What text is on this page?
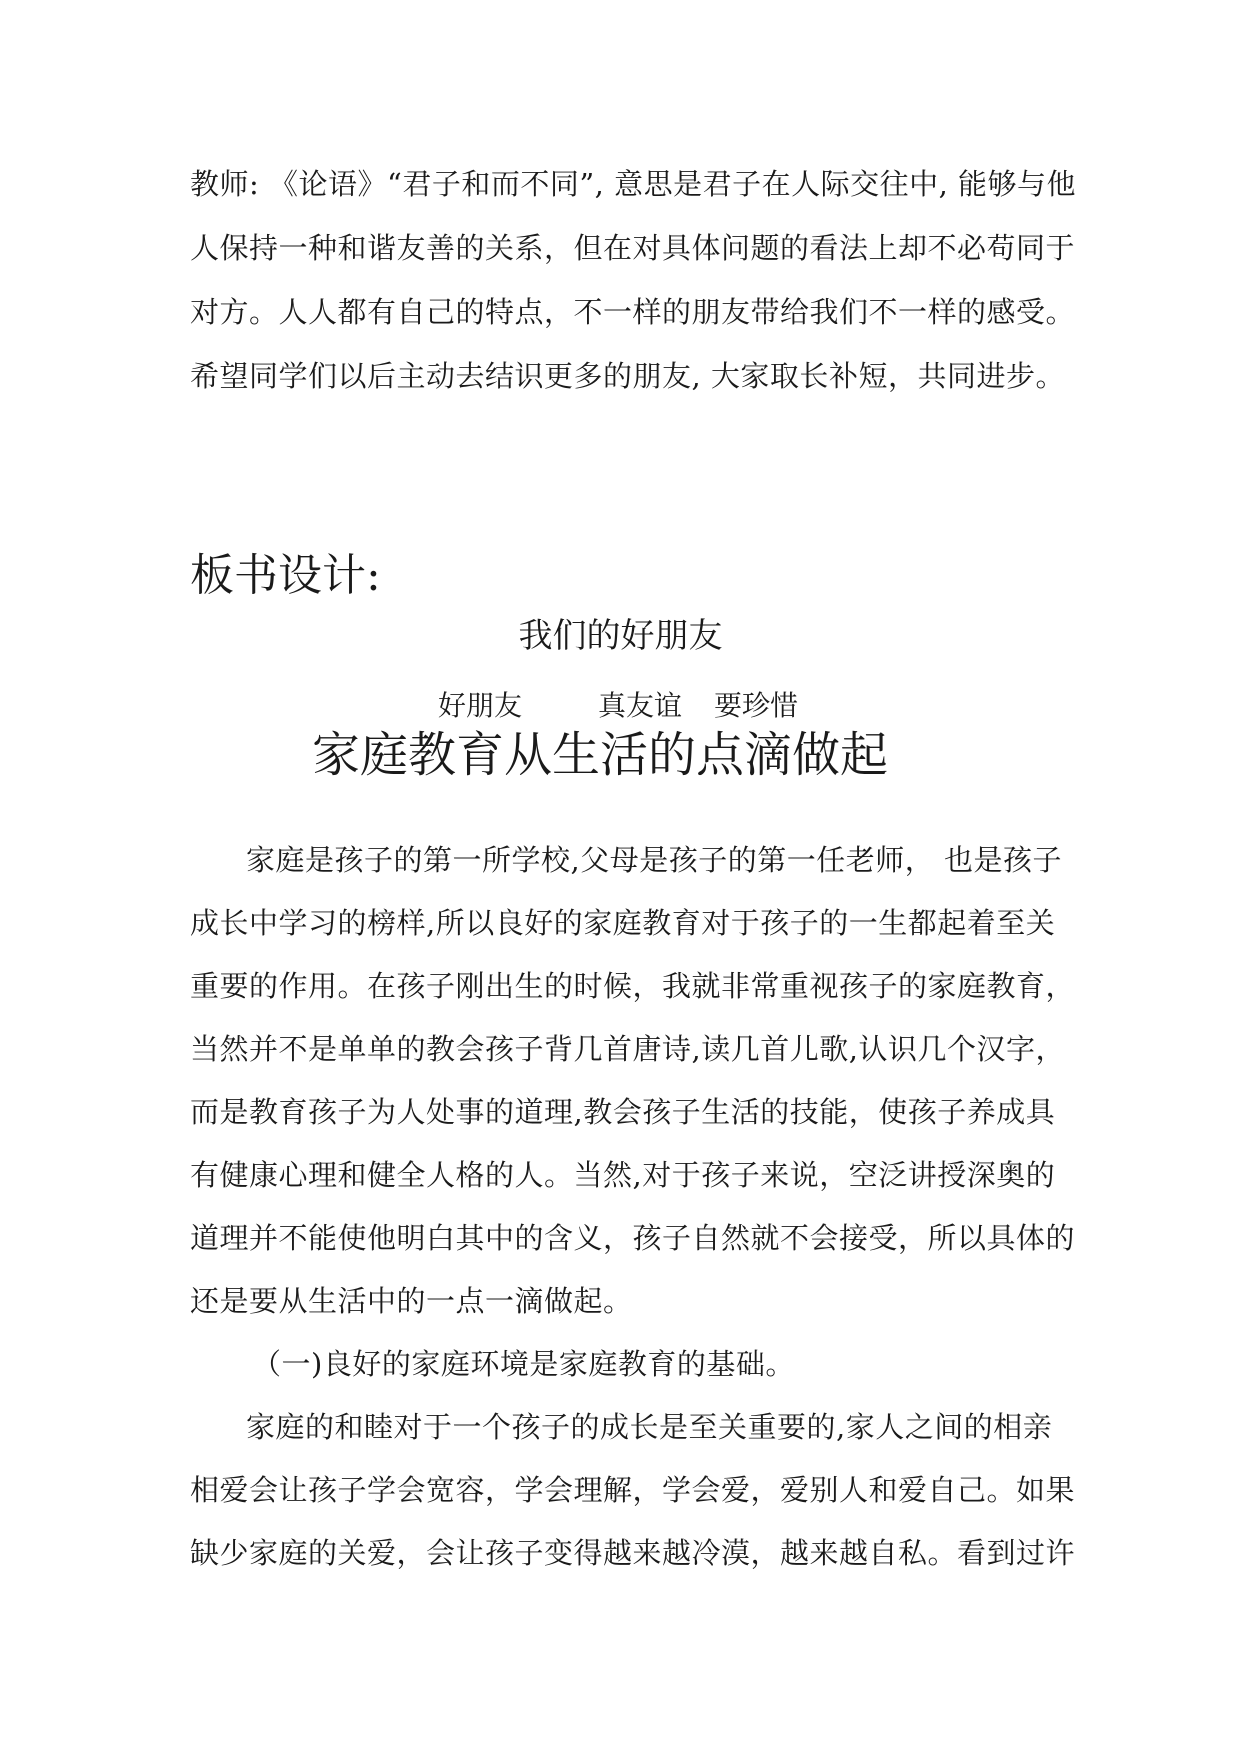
教师: 《论语》“君子和而不同”, 意思是君子在人际交往中, 能够与他
人保持一种和谐友善的关系，但在对具体问题的看法上却不必苟同于
对方。人人都有自己的特点，不一样的朋友带给我们不一样的感受。
希望同学们以后主动去结识更多的朋友, 大家取长补短，共同进步。
板书设计:
我们的好朋友
好朋友	真友谊 要珍惜
家庭教育从生活的点滴做起
家庭是孩子的第一所学校,父母是孩子的第一任老师， 也是孩子
成长中学习的榜样,所以良好的家庭教育对于孩子的一生都起着至关
重要的作用。在孩子刚出生的时候，我就非常重视孩子的家庭教育，
当然并不是单单的教会孩子背几首唐诗,读几首儿歌,认识几个汉字，
而是教育孩子为人处事的道理,教会孩子生活的技能，使孩子养成具
有健康心理和健全人格的人。当然,对于孩子来说，空泛讲授深奥的
道理并不能使他明白其中的含义，孩子自然就不会接受，所以具体的
还是要从生活中的一点一滴做起。
（一)良好的家庭环境是家庭教育的基础。
家庭的和睦对于一个孩子的成长是至关重要的,家人之间的相亲
相爱会让孩子学会宽容，学会理解，学会爱，爱别人和爱自己。如果
缺少家庭的关爱，会让孩子变得越来越冷漠，越来越自私。看到过许
